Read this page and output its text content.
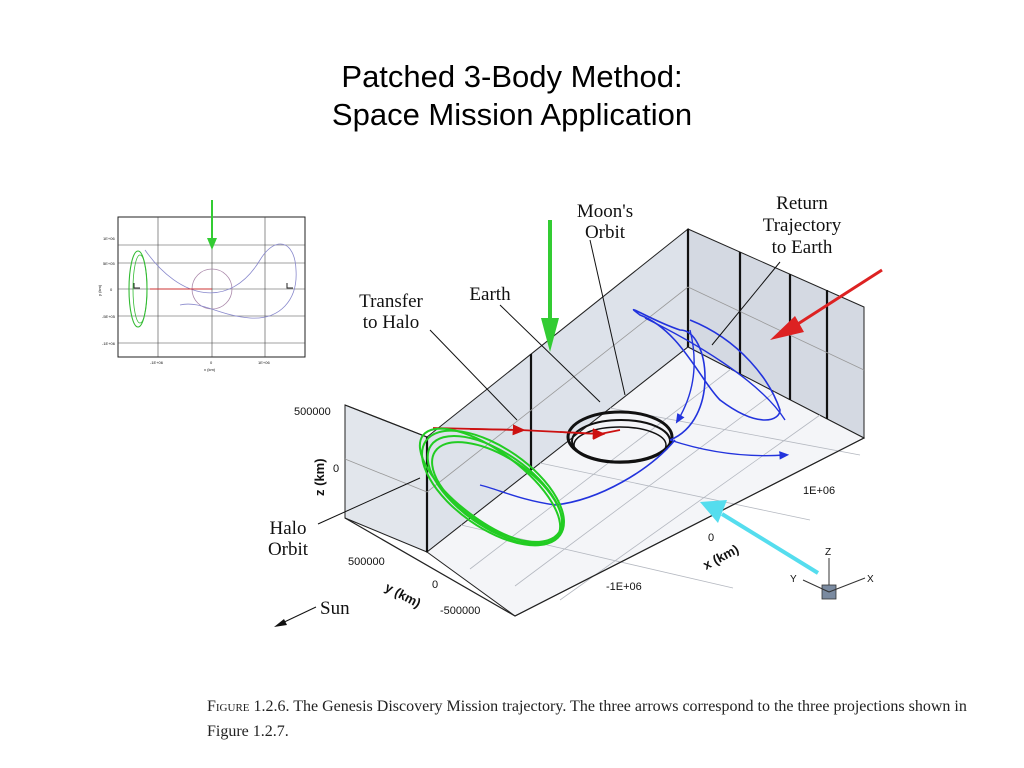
Patched 3-Body Method:
Space Mission Application
1E+06
5E+05
0
-5E+05
-1E+06
-1E+06	0	1E+06
x (km)
y (km)
Moon's
Orbit
Return
Trajectory
to Earth
Transfer
to Halo
Earth
Halo
Orbit
Sun
500000
0
z (km)
500000
0
-500000
y (km)
1E+06
0
-1E+06
x (km)	Z
Y	X
Figure 1.2.6. The Genesis Discovery Mission trajectory. The three arrows correspond to the three projections shown in Figure 1.2.7.
